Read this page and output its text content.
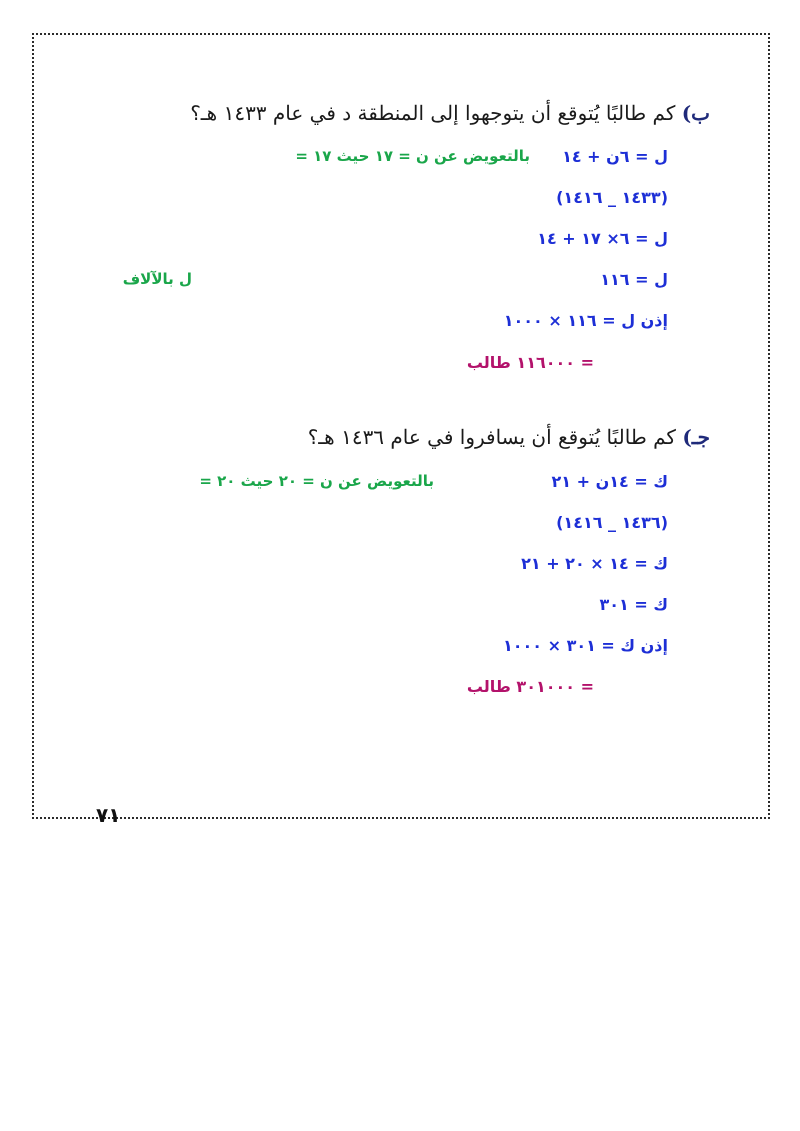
ب) كم طالبًا يُتوقع أن يتوجهوا إلى المنطقة د في عام ١٤٣٣ هـ؟
ل = ٦ن + ١٤
بالتعويض عن ن = ١٧ حيث ١٧ =
(١٤٣٣ _ ١٤١٦)
ل = ٦× ١٧ + ١٤
ل = ١١٦
ل بالآلاف
إذن ل = ١١٦ × ١٠٠٠
= ١١٦٠٠٠ طالب
جـ) كم طالبًا يُتوقع أن يسافروا في عام ١٤٣٦ هـ؟
ك = ١٤ن + ٢١
بالتعويض عن ن = ٢٠ حيث ٢٠ =
(١٤٣٦ _ ١٤١٦)
ك = ١٤ × ٢٠ + ٢١
ك = ٣٠١
إذن ك = ٣٠١ × ١٠٠٠
= ٣٠١٠٠٠ طالب
٧١
